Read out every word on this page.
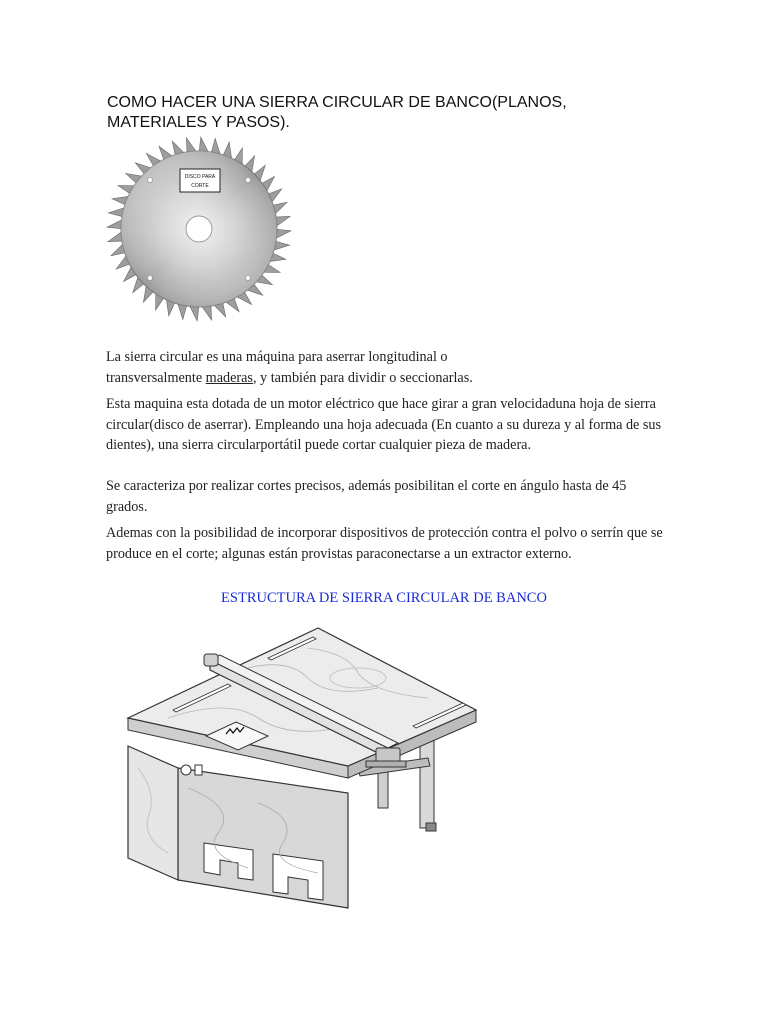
COMO HACER UNA SIERRA CIRCULAR DE BANCO(PLANOS,
MATERIALES Y PASOS).
DISCO PARA
CORTE
La sierra circular es una máquina para aserrar longitudinal o
transversalmente maderas, y también para dividir o seccionarlas.
Esta maquina esta dotada de un motor eléctrico que hace girar a gran velocidaduna hoja de sierra circular(disco de aserrar). Empleando una hoja adecuada (En cuanto a su dureza y al forma de sus dientes), una sierra circularportátil puede cortar cualquier pieza de madera.
Se caracteriza por realizar cortes precisos, además posibilitan el corte en ángulo hasta de 45 grados.
Ademas con la posibilidad de incorporar dispositivos de protección contra el polvo o serrín que se produce en el corte; algunas están provistas paraconectarse a un extractor externo.
ESTRUCTURA DE SIERRA CIRCULAR DE BANCO
